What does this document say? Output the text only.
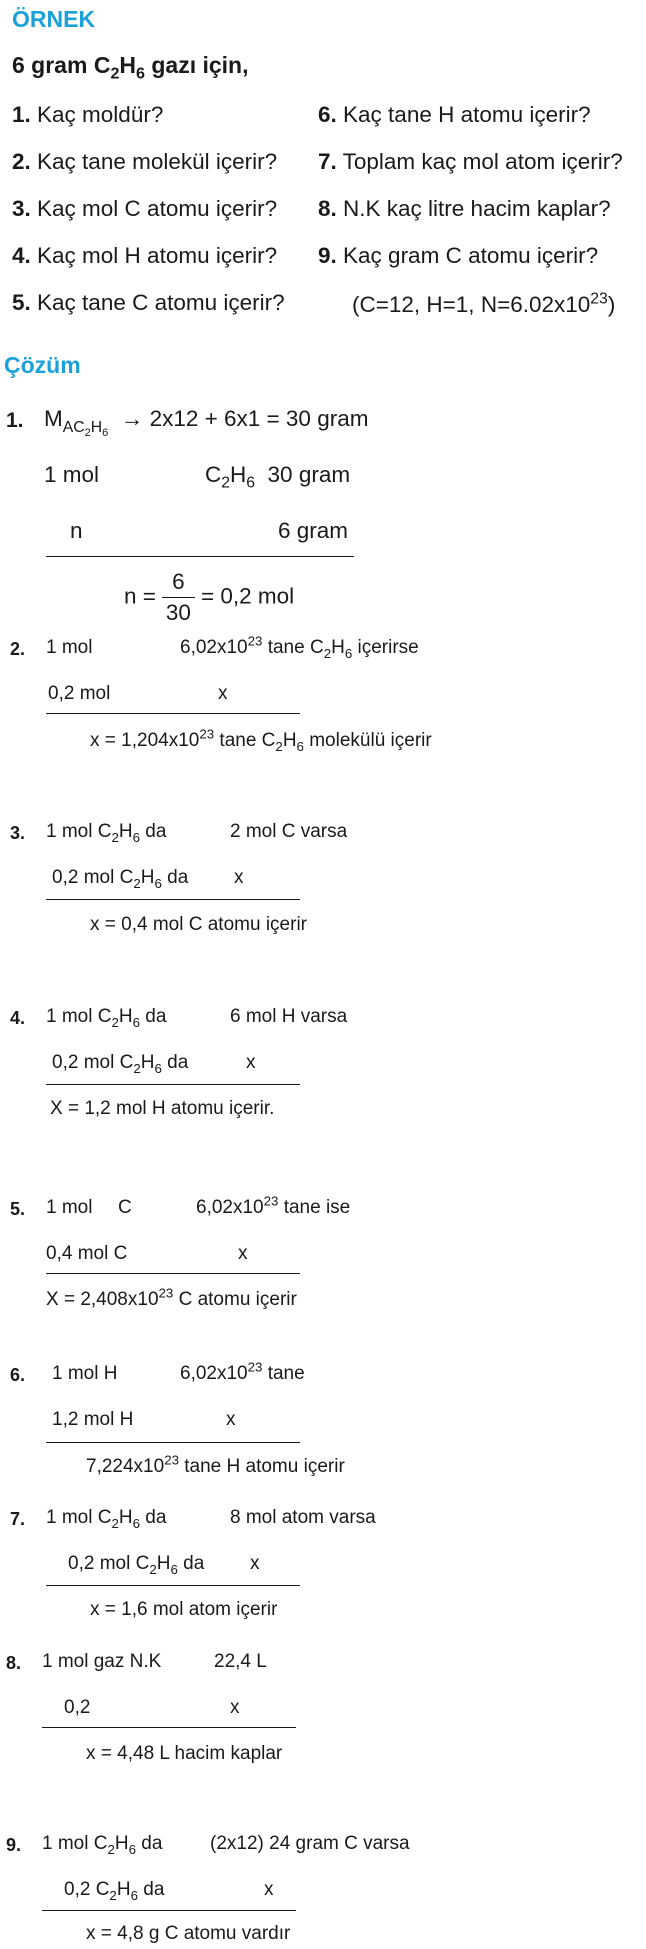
ÖRNEK
6 gram $C_2H_6$ gazı için,
1. Kaç moldür?
2. Kaç tane molekül içerir?
3. Kaç mol C atomu içerir?
4. Kaç mol H atomu içerir?
5. Kaç tane C atomu içerir?
6. Kaç tane H atomu içerir?
7. Toplam kaç mol atom içerir?
8. N.K kaç litre hacim kaplar?
9. Kaç gram C atomu içerir?
(C=12, H=1, $N=6.02x10^{23}$)
Çözüm
1. $M_{AC_2H_6} \to 2x12 + 6x1 = 30$ gram
1 mol	$C_2H_6$ 30 gram
n	6 gram
$n = \frac{6}{30} = 0,2$ mol
2. 1 mol	$6,02x10^{23}$ tane $C_2H_6$ içerirse
0,2 mol	x
$x = 1,204x10^{23}$ tane $C_2H_6$ molekülü içerir
3. 1 mol $C_2H_6$ da	2 mol C varsa
0,2 mol $C_2H_6$ da x
x = 0,4 mol C atomu içerir
4. 1 mol $C_2H_6$ da	6 mol H varsa
0,2 mol $C_2H_6$ da	x
X = 1,2 mol H atomu içerir.
5. 1 mol C	$6,02x10^{23}$ tane ise
0,4 mol C	x
$X = 2,408x10^{23}$ C atomu içerir
6. 1 mol H	$6,02x10^{23}$ tane
1,2 mol H	x
$7,224x10^{23}$ tane H atomu içerir
7. 1 mol $C_2H_6$ da	8 mol atom varsa
0,2 mol $C_2H_6$ da x
x = 1,6 mol atom içerir
8. 1 mol gaz N.K	22,4 L
0,2	x
x = 4,48 L hacim kaplar
9. 1 mol $C_2H_6$ da	(2x12) 24 gram C varsa
0,2 $C_2H_6$ da	x
x = 4,8 g C atomu vardır
